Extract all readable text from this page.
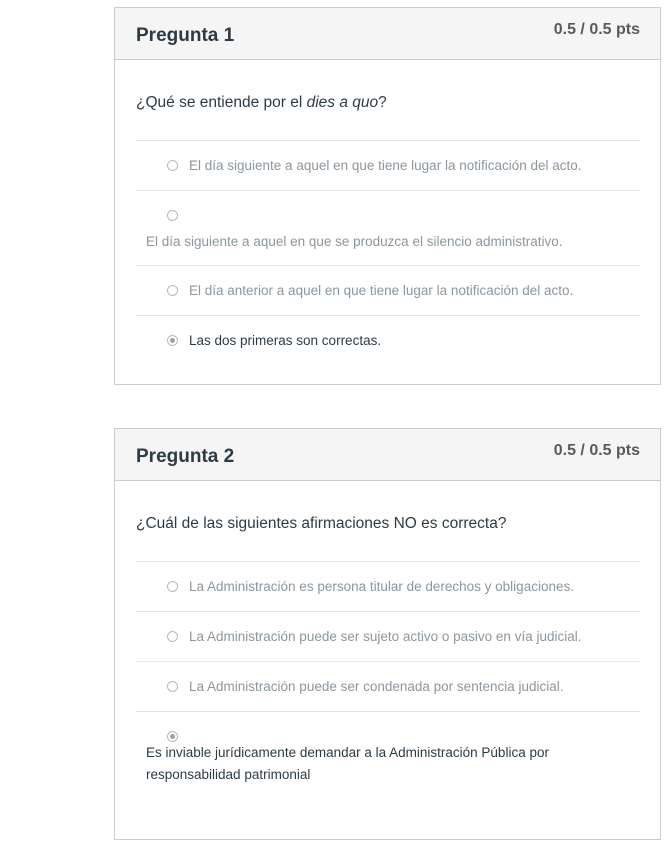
Pregunta 1	0.5 / 0.5 pts
¿Qué se entiende por el dies a quo?
El día siguiente a aquel en que tiene lugar la notificación del acto.
El día siguiente a aquel en que se produzca el silencio administrativo.
El día anterior a aquel en que tiene lugar la notificación del acto.
Las dos primeras son correctas.
Pregunta 2	0.5 / 0.5 pts
¿Cuál de las siguientes afirmaciones NO es correcta?
La Administración es persona titular de derechos y obligaciones.
La Administración puede ser sujeto activo o pasivo en vía judicial.
La Administración puede ser condenada por sentencia judicial.
Es inviable jurídicamente demandar a la Administración Pública por
responsabilidad patrimonial
